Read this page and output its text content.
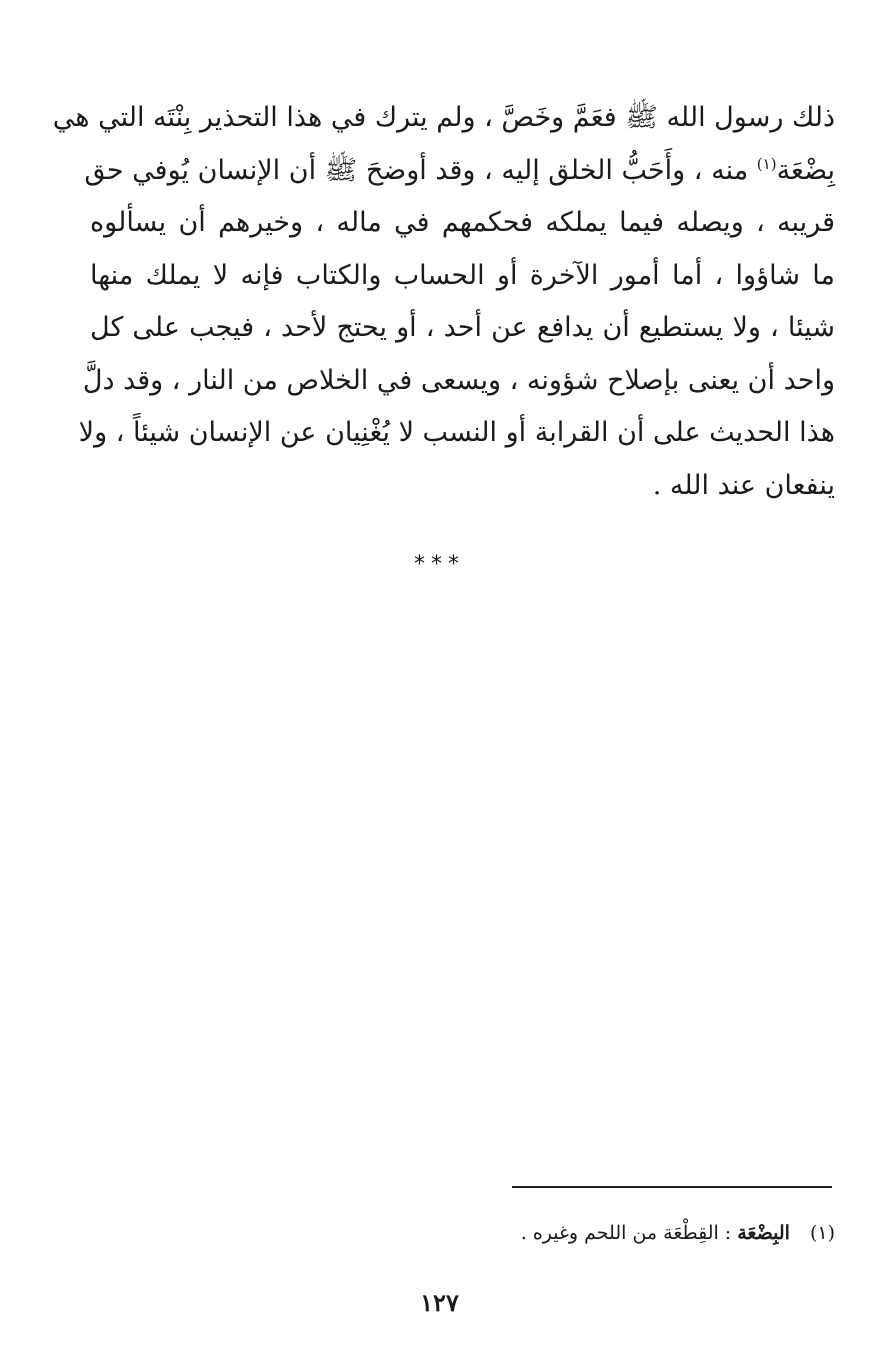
ذلك رسول الله ﷺ فعَمَّ وخَصَّ ، ولم يترك في هذا التحذير بِنْتَه التي هي
بِضْعَة$^{(١)}$ منه ، وأَحَبُّ الخلق إليه ، وقد أوضحَ ﷺ أن الإنسان يُوفي حق
قريبه ، ويصله فيما يملكه فحكمهم في ماله ، وخيرهم أن يسألوه
ما شاؤوا ، أما أمور الآخرة أو الحساب والكتاب فإنه لا يملك منها
شيئا ، ولا يستطيع أن يدافع عن أحد ، أو يحتج لأحد ، فيجب على كل
واحد أن يعنى بإصلاح شؤونه ، ويسعى في الخلاص من النار ، وقد دلَّ
هذا الحديث على أن القرابة أو النسب لا يُغْنِيان عن الإنسان شيئاً ، ولا
ينفعان عند الله .
***
(١) البِضْعَة : القِطْعَة من اللحم وغيره .
١٢٧
